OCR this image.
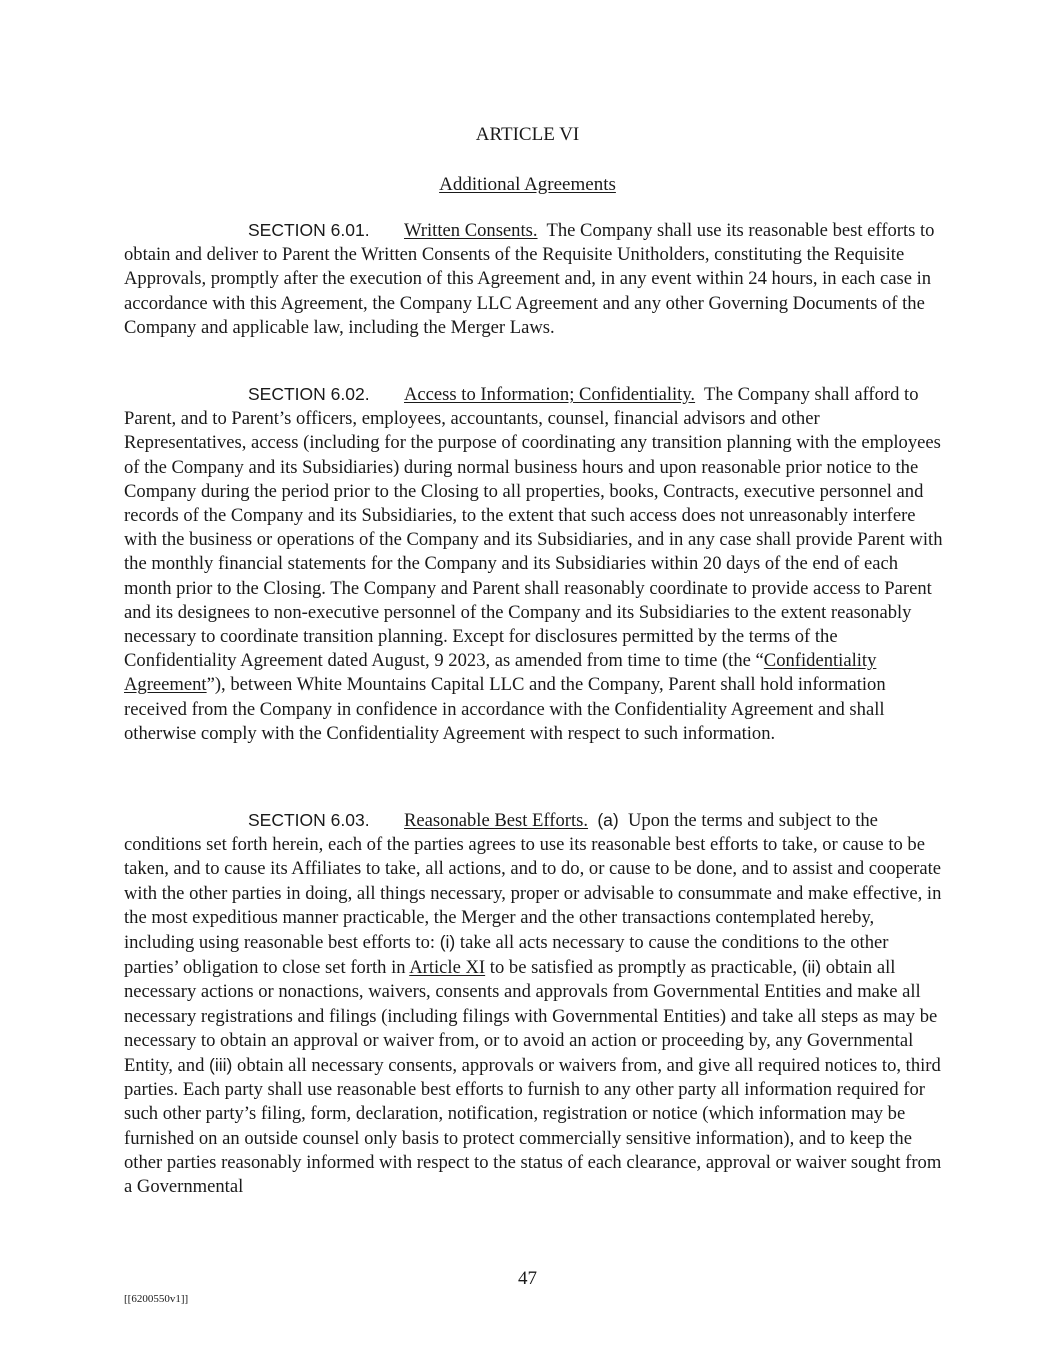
ARTICLE VI
Additional Agreements
SECTION 6.01. Written Consents. The Company shall use its reasonable best efforts to obtain and deliver to Parent the Written Consents of the Requisite Unitholders, constituting the Requisite Approvals, promptly after the execution of this Agreement and, in any event within 24 hours, in each case in accordance with this Agreement, the Company LLC Agreement and any other Governing Documents of the Company and applicable law, including the Merger Laws.
SECTION 6.02. Access to Information; Confidentiality. The Company shall afford to Parent, and to Parent’s officers, employees, accountants, counsel, financial advisors and other Representatives, access (including for the purpose of coordinating any transition planning with the employees of the Company and its Subsidiaries) during normal business hours and upon reasonable prior notice to the Company during the period prior to the Closing to all properties, books, Contracts, executive personnel and records of the Company and its Subsidiaries, to the extent that such access does not unreasonably interfere with the business or operations of the Company and its Subsidiaries, and in any case shall provide Parent with the monthly financial statements for the Company and its Subsidiaries within 20 days of the end of each month prior to the Closing. The Company and Parent shall reasonably coordinate to provide access to Parent and its designees to non-executive personnel of the Company and its Subsidiaries to the extent reasonably necessary to coordinate transition planning. Except for disclosures permitted by the terms of the Confidentiality Agreement dated August, 9 2023, as amended from time to time (the “Confidentiality Agreement”), between White Mountains Capital LLC and the Company, Parent shall hold information received from the Company in confidence in accordance with the Confidentiality Agreement and shall otherwise comply with the Confidentiality Agreement with respect to such information.
SECTION 6.03. Reasonable Best Efforts. (a) Upon the terms and subject to the conditions set forth herein, each of the parties agrees to use its reasonable best efforts to take, or cause to be taken, and to cause its Affiliates to take, all actions, and to do, or cause to be done, and to assist and cooperate with the other parties in doing, all things necessary, proper or advisable to consummate and make effective, in the most expeditious manner practicable, the Merger and the other transactions contemplated hereby, including using reasonable best efforts to: (i) take all acts necessary to cause the conditions to the other parties’ obligation to close set forth in Article XI to be satisfied as promptly as practicable, (ii) obtain all necessary actions or nonactions, waivers, consents and approvals from Governmental Entities and make all necessary registrations and filings (including filings with Governmental Entities) and take all steps as may be necessary to obtain an approval or waiver from, or to avoid an action or proceeding by, any Governmental Entity, and (iii) obtain all necessary consents, approvals or waivers from, and give all required notices to, third parties. Each party shall use reasonable best efforts to furnish to any other party all information required for such other party’s filing, form, declaration, notification, registration or notice (which information may be furnished on an outside counsel only basis to protect commercially sensitive information), and to keep the other parties reasonably informed with respect to the status of each clearance, approval or waiver sought from a Governmental
47
[[6200550v1]]
